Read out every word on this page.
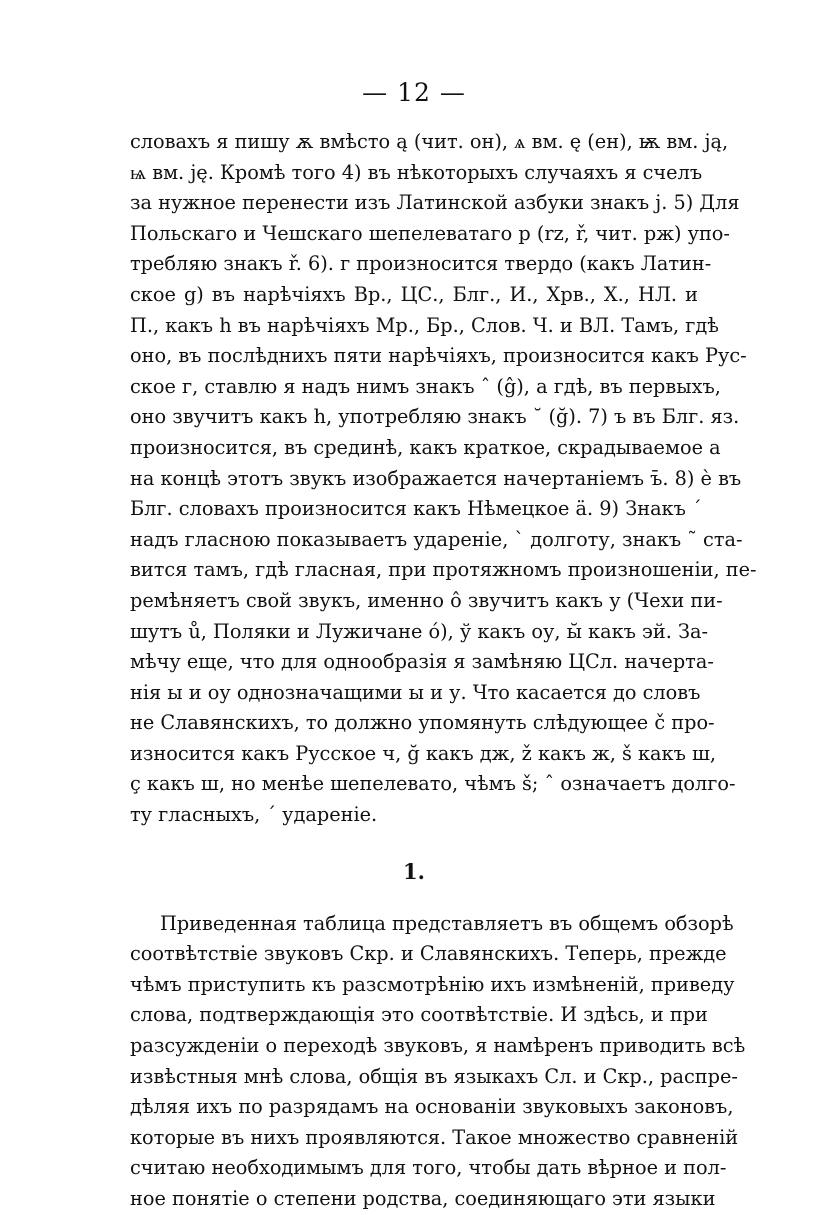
— 12 —
словахъ я пишу ѫ вмѣсто ą (чит. он), ѧ вм. ę (ен), ѭ вм. ją,
ѩ вм. ję. Кромѣ того 4) въ нѣкоторыхъ случаяхъ я счелъ
за нужное перенести изъ Латинской азбуки знакъ j. 5) Для
Польскаго и Чешскаго шепелеватаго р (rz, ř, чит. рж) упо-
требляю знакъ ř. 6). г произносится твердо (какъ Латин-
ское g) въ нарѣчіяхъ Вр., ЦС., Блг., И., Хрв., Х., НЛ. и
П., какъ h въ нарѣчіяхъ Мр., Бр., Слов. Ч. и ВЛ. Тамъ, гдѣ
оно, въ послѣднихъ пяти нарѣчіяхъ, произносится какъ Рус-
ское г, ставлю я надъ нимъ знакъ ˆ (ĝ), а гдѣ, въ первыхъ,
оно звучитъ какъ h, употребляю знакъ ˘ (ğ). 7) ъ въ Блг. яз.
произносится, въ срединѣ, какъ краткое, скрадываемое а
на концѣ этотъ звукъ изображается начертаніемъ ъ̄. 8) ѐ въ
Блг. словахъ произносится какъ Нѣмецкое ä. 9) Знакъ ´
надъ гласною показываетъ удареніе, ` долготу, знакъ ˜ ста-
вится тамъ, гдѣ гласная, при протяжномъ произношеніи, пе-
ремѣняетъ свой звукъ, именно ô звучитъ какъ у (Чехи пи-
шутъ ů, Поляки и Лужичане ó), ў какъ оу, ы̆ какъ эй. За-
мѣчу еще, что для однообразія я замѣняю ЦСл. начерта-
нія ы и оу однозначащими ы и у. Что касается до словъ
не Славянскихъ, то должно упомянуть слѣдующее č про-
износится какъ Русское ч, ğ какъ дж, ž какъ ж, š какъ ш,
ç какъ ш, но менѣе шепелевато, чѣмъ š; ˆ означаетъ долго-
ту гласныхъ, ´ удареніе.
1.
Приведенная таблица представляетъ въ общемъ обзорѣ
соотвѣтствіе звуковъ Скр. и Славянскихъ. Теперь, прежде
чѣмъ приступить къ разсмотрѣнію ихъ измѣненій, приведу
слова, подтверждающія это соотвѣтствіе. И здѣсь, и при
разсужденіи о переходѣ звуковъ, я намѣренъ приводить всѣ
извѣстныя мнѣ слова, общія въ языкахъ Сл. и Скр., распре-
дѣляя ихъ по разрядамъ на основаніи звуковыхъ законовъ,
которые въ нихъ проявляются. Такое множество сравненій
считаю необходимымъ для того, чтобы дать вѣрное и пол-
ное понятіе о степени родства, соединяющаго эти языки
